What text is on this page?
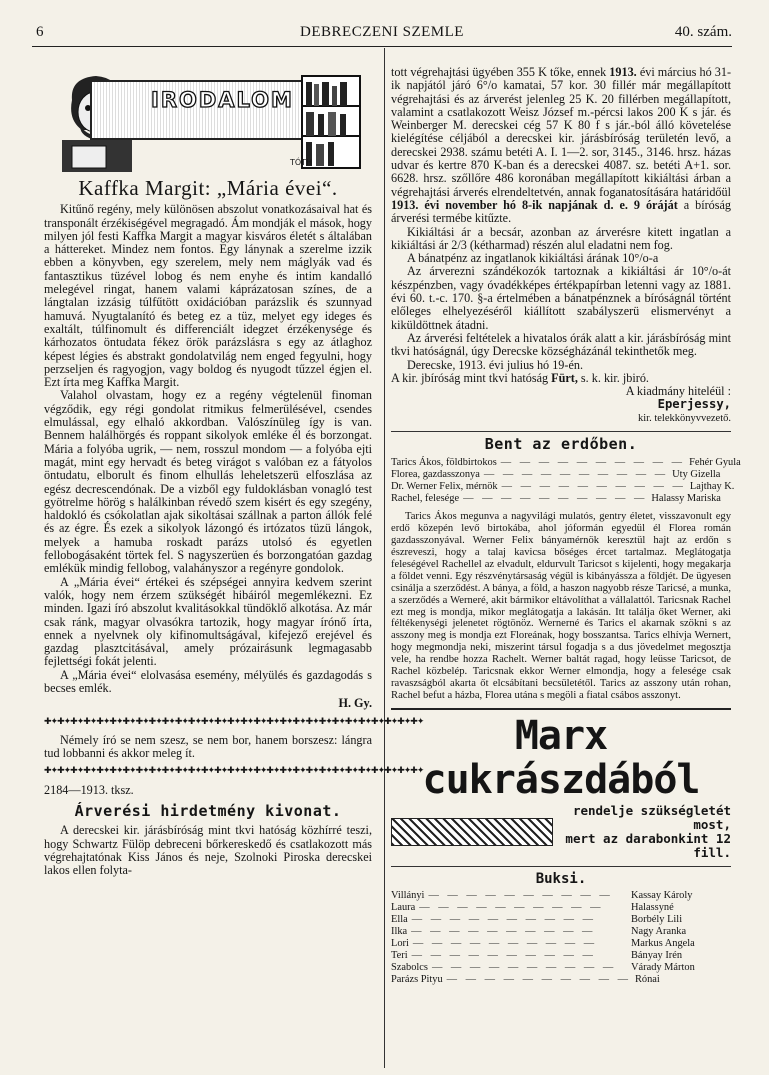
6	DEBRECZENI SZEMLE	40. szám.
IRODALOM
TÓTH
Kaffka Margit: „Mária évei“.

Kitűnő regény, mely különösen abszolut vonatkozásaival hat és transponált érzékiségével megragadó. Ám mondják el mások, hogy milyen jól festi Kaffka Margit a magyar kisváros életét s általában a háttereket. Mindez nem fontos. Egy lánynak a szerelme izzik ebben a könyvben, egy szerelem, mely nem máglyák vad és fantasztikus tüzével lobog és nem enyhe és intim kandalló melegével ringat, hanem valami káprázatosan színes, de a lángtalan izzásig túlfűtött oxidációban parázslik és szunnyad hamuvá. Nyugtalanító és beteg ez a tüz, melyet egy ideges és exaltált, túlfinomult és differenciált idegzet érzékenysége és kárhozatos öntudata fékez örök parázslásra s egy az átlaghoz képest légies és abstrakt gondolatvilág nem enged fegyulni, hogy perzseljen és ragyogjon, vagy boldog és nyugodt tűzzel égjen el. Ezt írta meg Kaffka Margit.

Valahol olvastam, hogy ez a regény végtelenül finoman végződik, egy régi gondolat ritmikus felmerülésével, csendes elmulással, egy elhaló akkordban. Valószínüleg így is van. Bennem halálhörgés és roppant sikolyok emléke él és borzongat. Mária a folyóba ugrik, — nem, rosszul mondom — a folyóba ejti magát, mint egy hervadt és beteg virágot s valóban ez a fátyolos öntudatu, elborult és finom elhullás leheletszerü elfoszlása az egész decrescendónak. De a vizből egy fuldoklásban vonagló test gyötrelme hörög s halálkinban révedő szem kisért és egy szegény, haldokló és csókolatlan ajak sikoltásai szállnak a parton állók felé és az égre. És ezek a sikolyok lázongó és irtózatos tüzü lángok, melyek a hamuba roskadt parázs utolsó és egyetlen fellobogásaként törtek fel. S nagyszerüen és borzongatóan gazdag emlékük mindig fellobog, valahányszor a regényre gondolok.

A „Mária évei“ értékei és szépségei annyira kedvem szerint valók, hogy nem érzem szükségét hibáiról megemlékezni. Ez minden. Igazi író abszolut kvalitásokkal tündöklő alkotása. Az már csak ránk, magyar olvasókra tartozik, hogy magyar írónő írta, ennek a nyelvnek oly kifinomultságával, kifejező erejével és gazdag plasztcitásával, amely prózairásunk legmagasabb fejlettségi fokát jelenti.

A „Mária évei“ elolvasása esemény, mélyülés és gazdagodás s becses emlék.

H. Gy.
✚✦✚✦✚✦✚✦✚✦✚✦✚✦✚✦✚✦✚✦✚✦✚✦✚✦✚✦✚✦✚✦✚✦✚✦✚✦✚✦✚✦✚✦✚✦✚✦✚✦✚✦✚✦✚✦✚✦

Némely író se nem szesz, se nem bor, hanem borszesz: lángra tud lobbanni és akkor meleg ít.

✚✦✚✦✚✦✚✦✚✦✚✦✚✦✚✦✚✦✚✦✚✦✚✦✚✦✚✦✚✦✚✦✚✦✚✦✚✦✚✦✚✦✚✦✚✦✚✦✚✦✚✦✚✦✚✦✚✦

2184—1913. tksz.

Árverési hirdetmény kivonat.

A derecskei kir. járásbíróság mint tkvi hatóság közhírré teszi, hogy Schwartz Fülöp debreceni bőrkereskedő és csatlakozott más végrehajtatónak Kiss János és neje, Szolnoki Piroska derecskei lakos ellen folyta-

tott végrehajtási ügyében 355 K tőke, ennek 1913. évi március hó 31-ik napjától járó 6°/o kamatai, 57 kor. 30 fillér már megállapított végrehajtási és az árverést jelenleg 25 K. 20 fillérben megállapított, valamint a csatlakozott Weisz József m.-pércsi lakos 200 K s jár. és Weinberger M. derecskei cég 57 K 80 f s jár.-ból álló követelése kielégítése céljából a derecskei kir. járásbíróság területén levő, a derecskei 2938. számu betéti A. I. 1—2. sor, 3145., 3146. hrsz. házas udvar és kertre 870 K-ban és a derecskei 4087. sz. betéti A+1. sor. 6628. hrsz. szőllőre 486 koronában megállapított kikiáltási árban a végrehajtási árverés elrendeltetvén, annak foganatosítására határidőül 1913. évi november hó 8-ik napjának d. e. 9 óráját a bíróság árverési termébe kitűzte.

Kikiáltási ár a becsár, azonban az árverésre kitett ingatlan a kikiáltási ár 2/3 (kétharmad) részén alul eladatni nem fog.

A bánatpénz az ingatlanok kikiáltási árának 10°/o-a

Az árverezni szándékozók tartoznak a kikiáltási ár 10°/o-át készpénzben, vagy óvadékképes értékpapírban letenni vagy az 1881. évi 60. t.-c. 170. §-a értelmében a bánatpénznek a bíróságnál történt előleges elhelyezéséről kiállított szabályszerü elismervényt a kiküldöttnek átadni.

Az árverési feltételek a hivatalos órák alatt a kir. járásbíróság mint tkvi hatóságnál, úgy Derecske községházánál tekinthetők meg.

Derecske, 1913. évi julius hó 19-én.

A kir. jbíróság mint tkvi hatóság Fürt, s. k. kir. jbiró.

A kiadmány hiteléül :

Eperjessy,

kir. telekkönyvvezető.

Bent az erdőben.
Tarics Ákos, földbirtokos — — — — — — — — — — Fehér Gyula
Florea, gazdasszonya — — — — — — — — — — Uty Gizella
Dr. Werner Felix, mérnök — — — — — — — — — — Lajthay K.
Rachel, felesége — — — — — — — — — — Halassy Mariska

Tarics Ákos megunva a nagyvilági mulatós, gentry életet, visszavonult egy erdő közepén levő birtokába, ahol jóformán egyedül él Florea román gazdasszonyával. Werner Felix bányamérnök keresztül hajt az erdőn s észreveszi, hogy a talaj kavicsa bőséges ércet tartalmaz. Meglátogatja feleségével Rachellel az elvadult, eldurvult Taricsot s kijelenti, hogy megakarja a földet venni. Egy részvénytársaság végül is kibányássza a földjét. De ügyesen csinálja a szerződést. A bánya, a föld, a haszon nagyobb része Taricsé, a munka, a szerződés a Werneré, akit bármikor eltávolíthat a vállalattól. Taricsnak Rachel ezt meg is mondja, mikor meglátogatja a lakásán. Itt találja őket Werner, aki féltékenységi jelenetet rögtönöz. Wernerné és Tarics el akarnak szökni s az asszony meg is mondja ezt Floreának, hogy bosszantsa. Tarics elhívja Wernert, hogy megmondja neki, miszerint társul fogadja s a dus jövedelmet megosztja vele, ha rendbe hozza Rachelt. Werner baltát ragad, hogy leüsse Taricsot, de Rachel közbelép. Taricsnak ekkor Werner elmondja, hogy a felesége csak ravaszságból akarta őt elcsábítani becsületétől. Tarics az asszony után rohan, Rachel befut a házba, Florea utána s megöli a fiatal csábos asszonyt.

Marx cukrászdából
rendelje szükségletét most,
mert az darabonkint 12 fill.
Buksi.
Villányi — — — — — — — — — —	Kassay Károly
Laura — — — — — — — — — —	Halassyné
Ella — — — — — — — — — —	Borbély Lili
Ilka — — — — — — — — — —	Nagy Aranka
Lori — — — — — — — — — —	Markus Angela
Teri — — — — — — — — — —	Bányay Irén
Szabolcs — — — — — — — — — —	Várady Márton
Parázs Pityu — — — — — — — — — — Rónai
